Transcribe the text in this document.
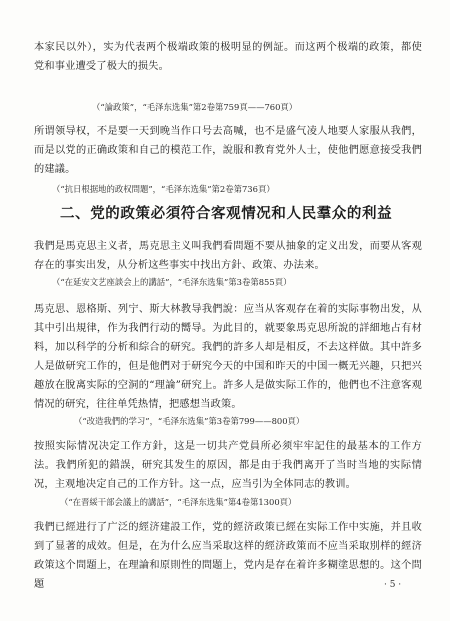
本家民以外），实为代表两个极端政策的极明显的例証。而这两个极端的政策，都使党和事业遭受了极大的损失。

（“論政策”，“毛泽东选集”第2卷第759頁——760頁）

所谓领导权，不是要一天到晚当作口号去高喊，也不是盛气凌人地要人家服从我們，而是以党的正确政策和自己的模范工作，說服和教育党外人士，使他們愿意接受我們的建議。

（“抗日根据地的政权問題”，“毛泽东选集”第2卷第736頁）

二、党的政策必須符合客观情况和人民羣众的利益

我們是馬克思主义者，馬克思主义叫我們看問題不要从抽象的定义出发，而要从客观存在的事实出发，从分析这些事实中找出方針、政策、办法来。

（“在延安文艺座談会上的講話”，“毛泽东选集”第3卷第855頁）

馬克思、恩格斯、列宁、斯大林教导我們說：应当从客观存在着的实际事物出发，从其中引出規律，作为我們行动的嚮导。为此目的，就要象馬克思所說的詳細地占有材料，加以科学的分析和綜合的研究。我們的許多人却是相反，不去这样做。其中許多人是做研究工作的，但是他們对于研究今天的中国和昨天的中国一概无兴趣，只把兴趣放在脫离实际的空洞的“理論”研究上。許多人是做实际工作的，他們也不注意客观情况的研究，往往单凭热情，把感想当政策。

（“改造我們的学习”，“毛泽东选集”第3卷第799——800頁）

按照实际情况决定工作方針，这是一切共产党員所必须牢牢記住的最基本的工作方法。我們所犯的錯誤，研究其发生的原因，都是由于我們离开了当时当地的实际情况，主观地决定自己的工作方针。这一点，应当引为全体同志的教训。

（“在晋綏干部会議上的講話”，“毛泽东选集”第4卷第1300頁）

我們已經进行了广泛的經济建設工作，党的經济政策已經在实际工作中实施，并且收到了显著的成效。但是，在为什么应当采取这样的經济政策而不应当采取別样的經济政策这个問題上，在理論和原則性的問題上，党内是存在着许多糊塗思想的。这个問題	· 5 ·
